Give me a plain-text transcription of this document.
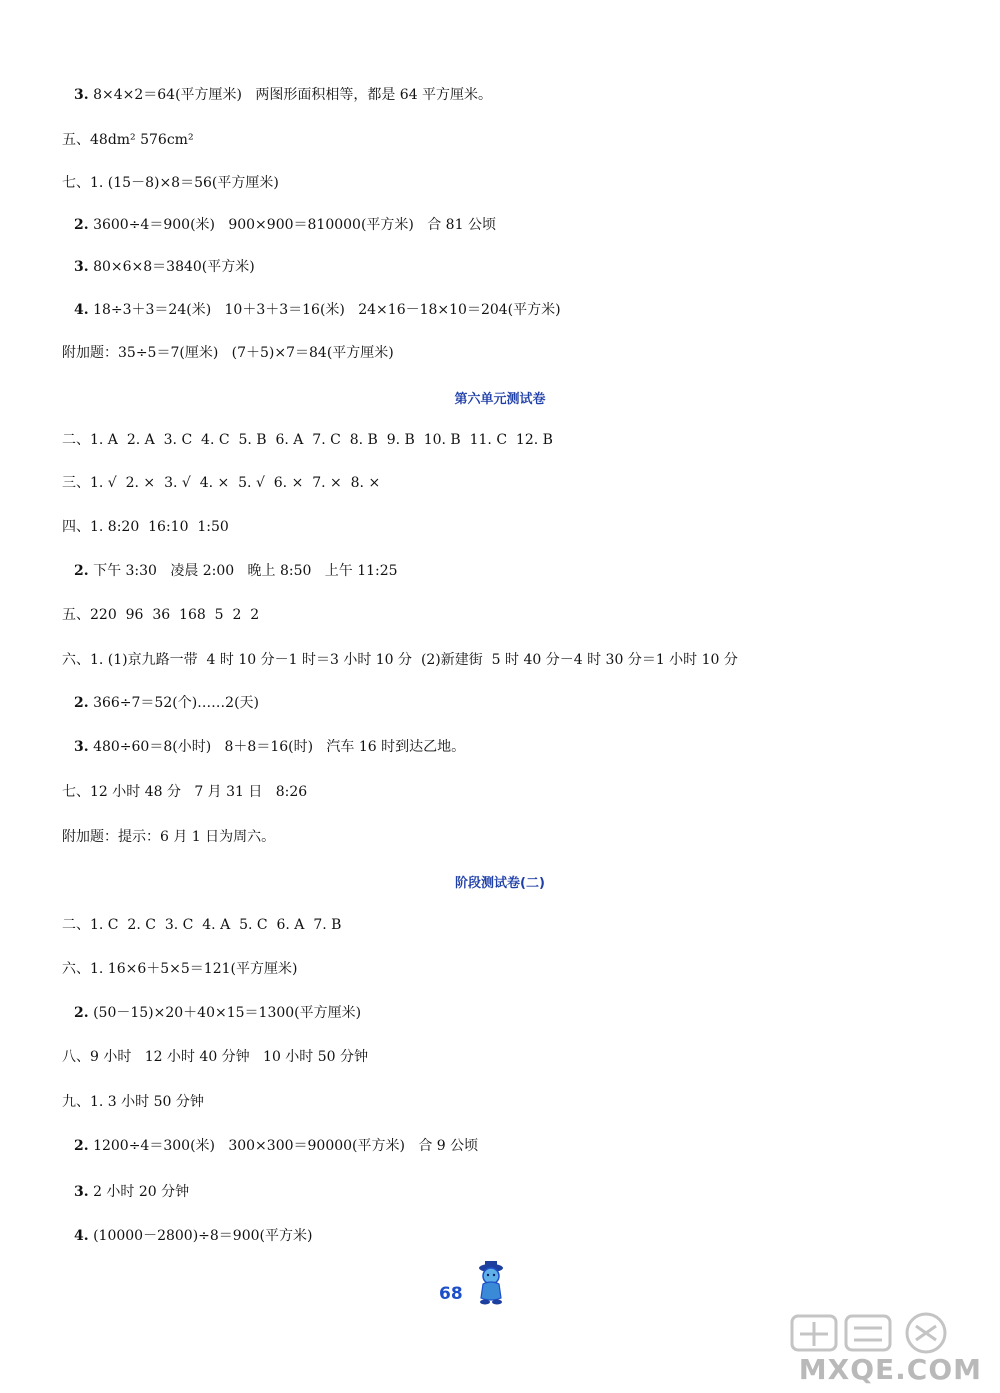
3. 8×4×2＝64(平方厘米)   两图形面积相等，都是 64 平方厘米。
五、48dm² 576cm²
七、1. (15－8)×8＝56(平方厘米)
2. 3600÷4＝900(米)   900×900＝810000(平方米)   合 81 公顷
3. 80×6×8＝3840(平方米)
4. 18÷3＋3＝24(米)   10＋3＋3＝16(米)   24×16－18×10＝204(平方米)
附加题：35÷5＝7(厘米)   (7＋5)×7＝84(平方厘米)
第六单元测试卷
二、1. A  2. A  3. C  4. C  5. B  6. A  7. C  8. B  9. B  10. B  11. C  12. B
三、1. √  2. ×  3. √  4. ×  5. √  6. ×  7. ×  8. ×
四、1. 8:20  16:10  1:50
2. 下午 3:30   凌晨 2:00   晚上 8:50   上午 11:25
五、220  96  36  168  5  2  2
六、1. (1)京九路一带  4 时 10 分－1 时＝3 小时 10 分  (2)新建街  5 时 40 分－4 时 30 分＝1 小时 10 分
2. 366÷7＝52(个)……2(天)
3. 480÷60＝8(小时)   8＋8＝16(时)   汽车 16 时到达乙地。
七、12 小时 48 分   7 月 31 日   8:26
附加题：提示：6 月 1 日为周六。
阶段测试卷(二)
二、1. C  2. C  3. C  4. A  5. C  6. A  7. B
六、1. 16×6＋5×5＝121(平方厘米)
2. (50－15)×20＋40×15＝1300(平方厘米)
八、9 小时   12 小时 40 分钟   10 小时 50 分钟
九、1. 3 小时 50 分钟
2. 1200÷4＝300(米)   300×300＝90000(平方米)   合 9 公顷
3. 2 小时 20 分钟
4. (10000－2800)÷8＝900(平方米)
68
MXQE.COM
